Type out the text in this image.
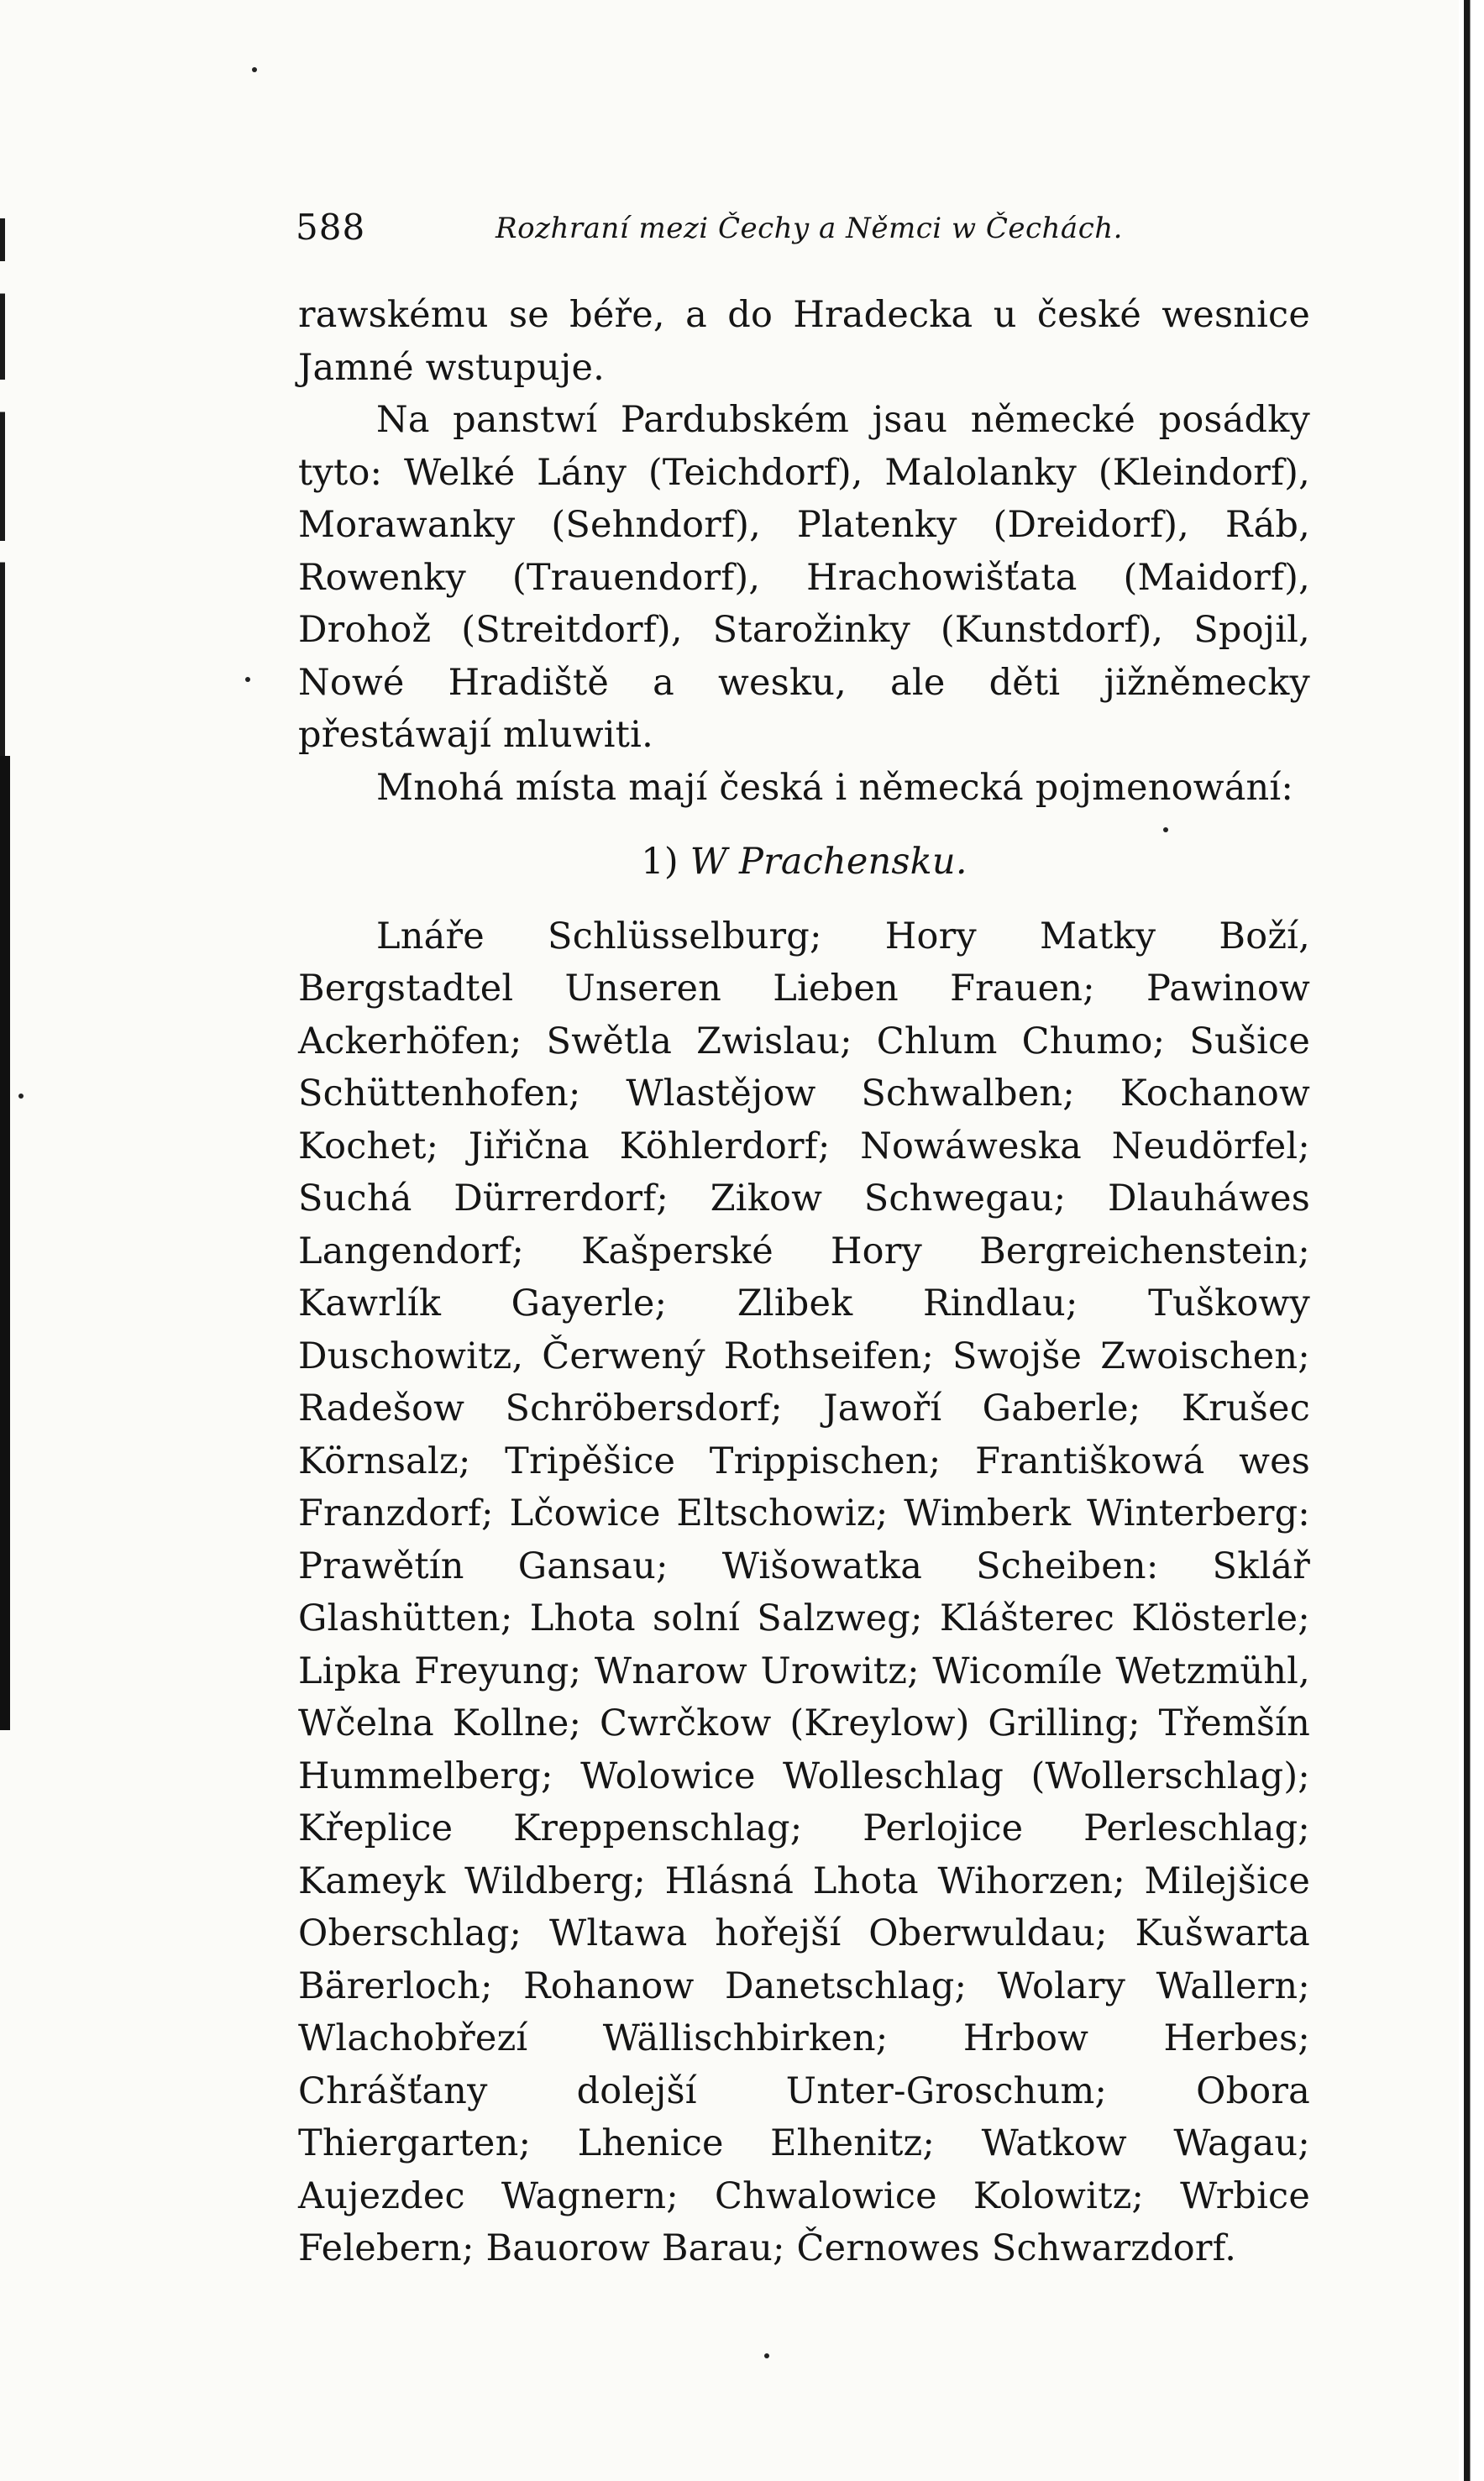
588	Rozhraní mezi Čechy a Němci w Čechách.

rawskému se béře, a do Hradecka u české wesnice Jamné wstupuje.

Na panstwí Pardubském jsau německé posádky tyto: Welké Lány (Teichdorf), Malolanky (Kleindorf), Morawanky (Sehndorf), Platenky (Dreidorf), Ráb, Rowenky (Trauendorf), Hrachowišťata (Maidorf), Drohož (Streitdorf), Starožinky (Kunstdorf), Spojil, Nowé Hradiště a wesku, ale děti jižněmecky přestáwají mluwiti.

Mnohá místa mají česká i německá pojmenowání:

1) W Prachensku.

Lnáře Schlüsselburg; Hory Matky Boží, Bergstadtel Unseren Lieben Frauen; Pawinow Ackerhöfen; Swětla Zwislau; Chlum Chumo; Sušice Schüttenhofen; Wlastějow Schwalben; Kochanow Kochet; Jiřična Köhlerdorf; Nowáweska Neudörfel; Suchá Dürrerdorf; Zikow Schwegau; Dlauháwes Langendorf; Kašperské Hory Bergreichenstein; Kawrlík Gayerle; Zlibek Rindlau; Tuškowy Duschowitz, Čerwený Rothseifen; Swojše Zwoischen; Radešow Schröbersdorf; Jawoří Gaberle; Krušec Körnsalz; Tripěšice Trippischen; Františkowá wes Franzdorf; Lčowice Eltschowiz; Wimberk Winterberg: Prawětín Gansau; Wišowatka Scheiben: Sklář Glashütten; Lhota solní Salzweg; Klášterec Klösterle; Lipka Freyung; Wnarow Urowitz; Wicomíle Wetzmühl, Wčelna Kollne; Cwrčkow (Kreylow) Grilling; Třemšín Hummelberg; Wolowice Wolleschlag (Wollerschlag); Křeplice Kreppenschlag; Perlojice Perleschlag; Kameyk Wildberg; Hlásná Lhota Wihorzen; Milejšice Oberschlag; Wltawa hořejší Oberwuldau; Kušwarta Bärerloch; Rohanow Danetschlag; Wolary Wallern; Wlachobřezí Wällischbirken; Hrbow Herbes; Chrášťany dolejší Unter-Groschum; Obora Thiergarten; Lhenice Elhenitz; Watkow Wagau; Aujezdec Wagnern; Chwalowice Kolowitz; Wrbice Felebern; Bauorow Barau; Černowes Schwarzdorf.
